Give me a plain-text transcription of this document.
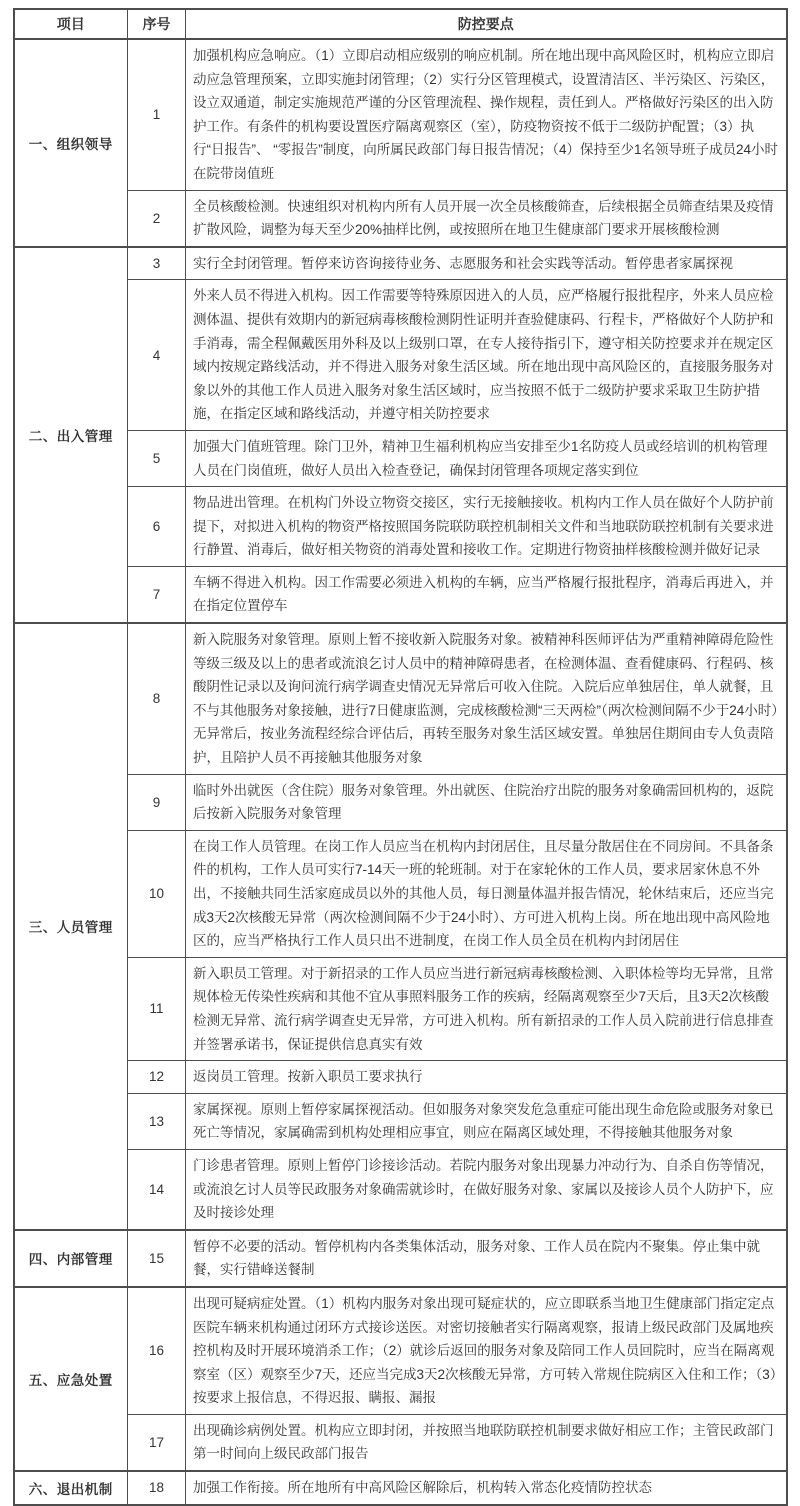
项目	序号	防控要点
一、组织领导	1	加强机构应急响应。（1）立即启动相应级别的响应机制。所在地出现中高风险区时，机构应立即启动应急管理预案，立即实施封闭管理；（2）实行分区管理模式，设置清洁区、半污染区、污染区，设立双通道，制定实施规范严谨的分区管理流程、操作规程，责任到人。严格做好污染区的出入防护工作。有条件的机构要设置医疗隔离观察区（室），防疫物资按不低于二级防护配置；（3）执行“日报告”、 “零报告”制度，向所属民政部门每日报告情况；（4）保持至少1名领导班子成员24小时在院带岗值班
	2	全员核酸检测。快速组织对机构内所有人员开展一次全员核酸筛查，后续根据全员筛查结果及疫情扩散风险，调整为每天至少20%抽样比例，或按照所在地卫生健康部门要求开展核酸检测
二、出入管理	3	实行全封闭管理。暂停来访咨询接待业务、志愿服务和社会实践等活动。暂停患者家属探视
	4	外来人员不得进入机构。因工作需要等特殊原因进入的人员，应严格履行报批程序，外来人员应检测体温、提供有效期内的新冠病毒核酸检测阴性证明并查验健康码、行程卡，严格做好个人防护和手消毒，需全程佩戴医用外科及以上级别口罩，在专人接待指引下，遵守相关防控要求并在规定区域内按规定路线活动，并不得进入服务对象生活区域。所在地出现中高风险区的，直接服务服务对象以外的其他工作人员进入服务对象生活区域时，应当按照不低于二级防护要求采取卫生防护措施，在指定区域和路线活动，并遵守相关防控要求
	5	加强大门值班管理。除门卫外，精神卫生福利机构应当安排至少1名防疫人员或经培训的机构管理人员在门岗值班，做好人员出入检查登记，确保封闭管理各项规定落实到位
	6	物品进出管理。在机构门外设立物资交接区，实行无接触接收。机构内工作人员在做好个人防护前提下，对拟进入机构的物资严格按照国务院联防联控机制相关文件和当地联防联控机制有关要求进行静置、消毒后，做好相关物资的消毒处置和接收工作。定期进行物资抽样核酸检测并做好记录
	7	车辆不得进入机构。因工作需要必须进入机构的车辆，应当严格履行报批程序，消毒后再进入，并在指定位置停车
三、人员管理	8	新入院服务对象管理。原则上暂不接收新入院服务对象。被精神科医师评估为严重精神障碍危险性等级三级及以上的患者或流浪乞讨人员中的精神障碍患者，在检测体温、查看健康码、行程码、核酸阴性记录以及询问流行病学调查史情况无异常后可收入住院。入院后应单独居住，单人就餐，且不与其他服务对象接触，进行7日健康监测，完成核酸检测“三天两检”（两次检测间隔不少于24小时）无异常后，按业务流程经综合评估后，再转至服务对象生活区域安置。单独居住期间由专人负责陪护，且陪护人员不再接触其他服务对象
	9	临时外出就医（含住院）服务对象管理。外出就医、住院治疗出院的服务对象确需回机构的，返院后按新入院服务对象管理
	10	在岗工作人员管理。在岗工作人员应当在机构内封闭居住，且尽量分散居住在不同房间。不具备条件的机构，工作人员可实行7-14天一班的轮班制。对于在家轮休的工作人员，要求居家休息不外出，不接触共同生活家庭成员以外的其他人员，每日测量体温并报告情况，轮休结束后，还应当完成3天2次核酸无异常（两次检测间隔不少于24小时）、方可进入机构上岗。所在地出现中高风险地区的，应当严格执行工作人员只出不进制度，在岗工作人员全员在机构内封闭居住
	11	新入职员工管理。对于新招录的工作人员应当进行新冠病毒核酸检测、入职体检等均无异常，且常规体检无传染性疾病和其他不宜从事照料服务工作的疾病，经隔离观察至少7天后，且3天2次核酸检测无异常、流行病学调查史无异常，方可进入机构。所有新招录的工作人员入院前进行信息排查并签署承诺书，保证提供信息真实有效
	12	返岗员工管理。按新入职员工要求执行
	13	家属探视。原则上暂停家属探视活动。但如服务对象突发危急重症可能出现生命危险或服务对象已死亡等情况，家属确需到机构处理相应事宜，则应在隔离区域处理，不得接触其他服务对象
	14	门诊患者管理。原则上暂停门诊接诊活动。若院内服务对象出现暴力冲动行为、自杀自伤等情况，或流浪乞讨人员等民政服务对象确需就诊时，在做好服务对象、家属以及接诊人员个人防护下，应及时接诊处理
四、内部管理	15	暂停不必要的活动。暂停机构内各类集体活动，服务对象、工作人员在院内不聚集。停止集中就餐，实行错峰送餐制
五、应急处置	16	出现可疑病症处置。（1）机构内服务对象出现可疑症状的，应立即联系当地卫生健康部门指定定点医院车辆来机构通过闭环方式接诊送医。对密切接触者实行隔离观察，报请上级民政部门及属地疾控机构及时开展环境消杀工作；（2）就诊后返回的服务对象及陪同工作人员回院时，应当在隔离观察室（区）观察至少7天，还应当完成3天2次核酸无异常，方可转入常规住院病区入住和工作；（3）按要求上报信息，不得迟报、瞒报、漏报
	17	出现确诊病例处置。机构应立即封闭，并按照当地联防联控机制要求做好相应工作；主管民政部门第一时间向上级民政部门报告
六、退出机制	18	加强工作衔接。所在地所有中高风险区解除后，机构转入常态化疫情防控状态
